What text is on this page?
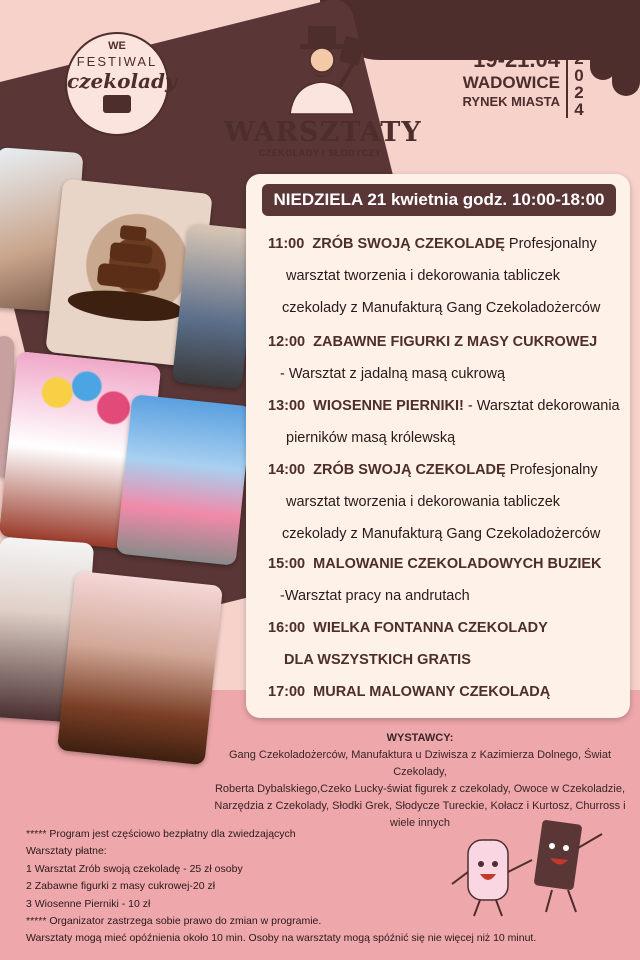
WE
FESTIWAL
czekolady
WARSZTATY
CZEKOLADY I SŁODYCZY
19-21.04
WADOWICE
RYNEK MIASTA
2024
NIEDZIELA 21 kwietnia godz. 10:00-18:00
11:00 ZRÓB SWOJĄ CZEKOLADĘ Profesjonalny
warsztat tworzenia i dekorowania tabliczek
czekolady z Manufakturą Gang Czekoladożerców
12:00 ZABAWNE FIGURKI Z MASY CUKROWEJ
- Warsztat z jadalną masą cukrową
13:00 WIOSENNE PIERNIKI! - Warsztat dekorowania
pierników masą królewską
14:00 ZRÓB SWOJĄ CZEKOLADĘ Profesjonalny
warsztat tworzenia i dekorowania tabliczek
czekolady z Manufakturą Gang Czekoladożerców
15:00 MALOWANIE CZEKOLADOWYCH BUZIEK
-Warsztat pracy na andrutach
16:00 WIELKA FONTANNA CZEKOLADY
DLA WSZYSTKICH GRATIS
17:00 MURAL MALOWANY CZEKOLADĄ
WYSTAWCY:
Gang Czekoladożerców, Manufaktura u Dziwisza z Kazimierza Dolnego, Świat Czekolady,
Roberta Dybalskiego,Czeko Lucky-świat figurek z czekolady, Owoce w Czekoladzie,
Narzędzia z Czekolady, Słodki Grek, Słodycze Tureckie, Kołacz i Kurtosz, Churross i wiele innych
***** Program jest częściowo bezpłatny dla zwiedzających
Warsztaty płatne:
1 Warsztat Zrób swoją czekoladę - 25 zł osoby
2 Zabawne figurki z masy cukrowej-20 zł
3 Wiosenne Pierniki - 10 zł
***** Organizator zastrzega sobie prawo do zmian w programie.
Warsztaty mogą mieć opóźnienia około 10 min. Osoby na warsztaty mogą spóźnić się nie więcej niż 10 minut.
